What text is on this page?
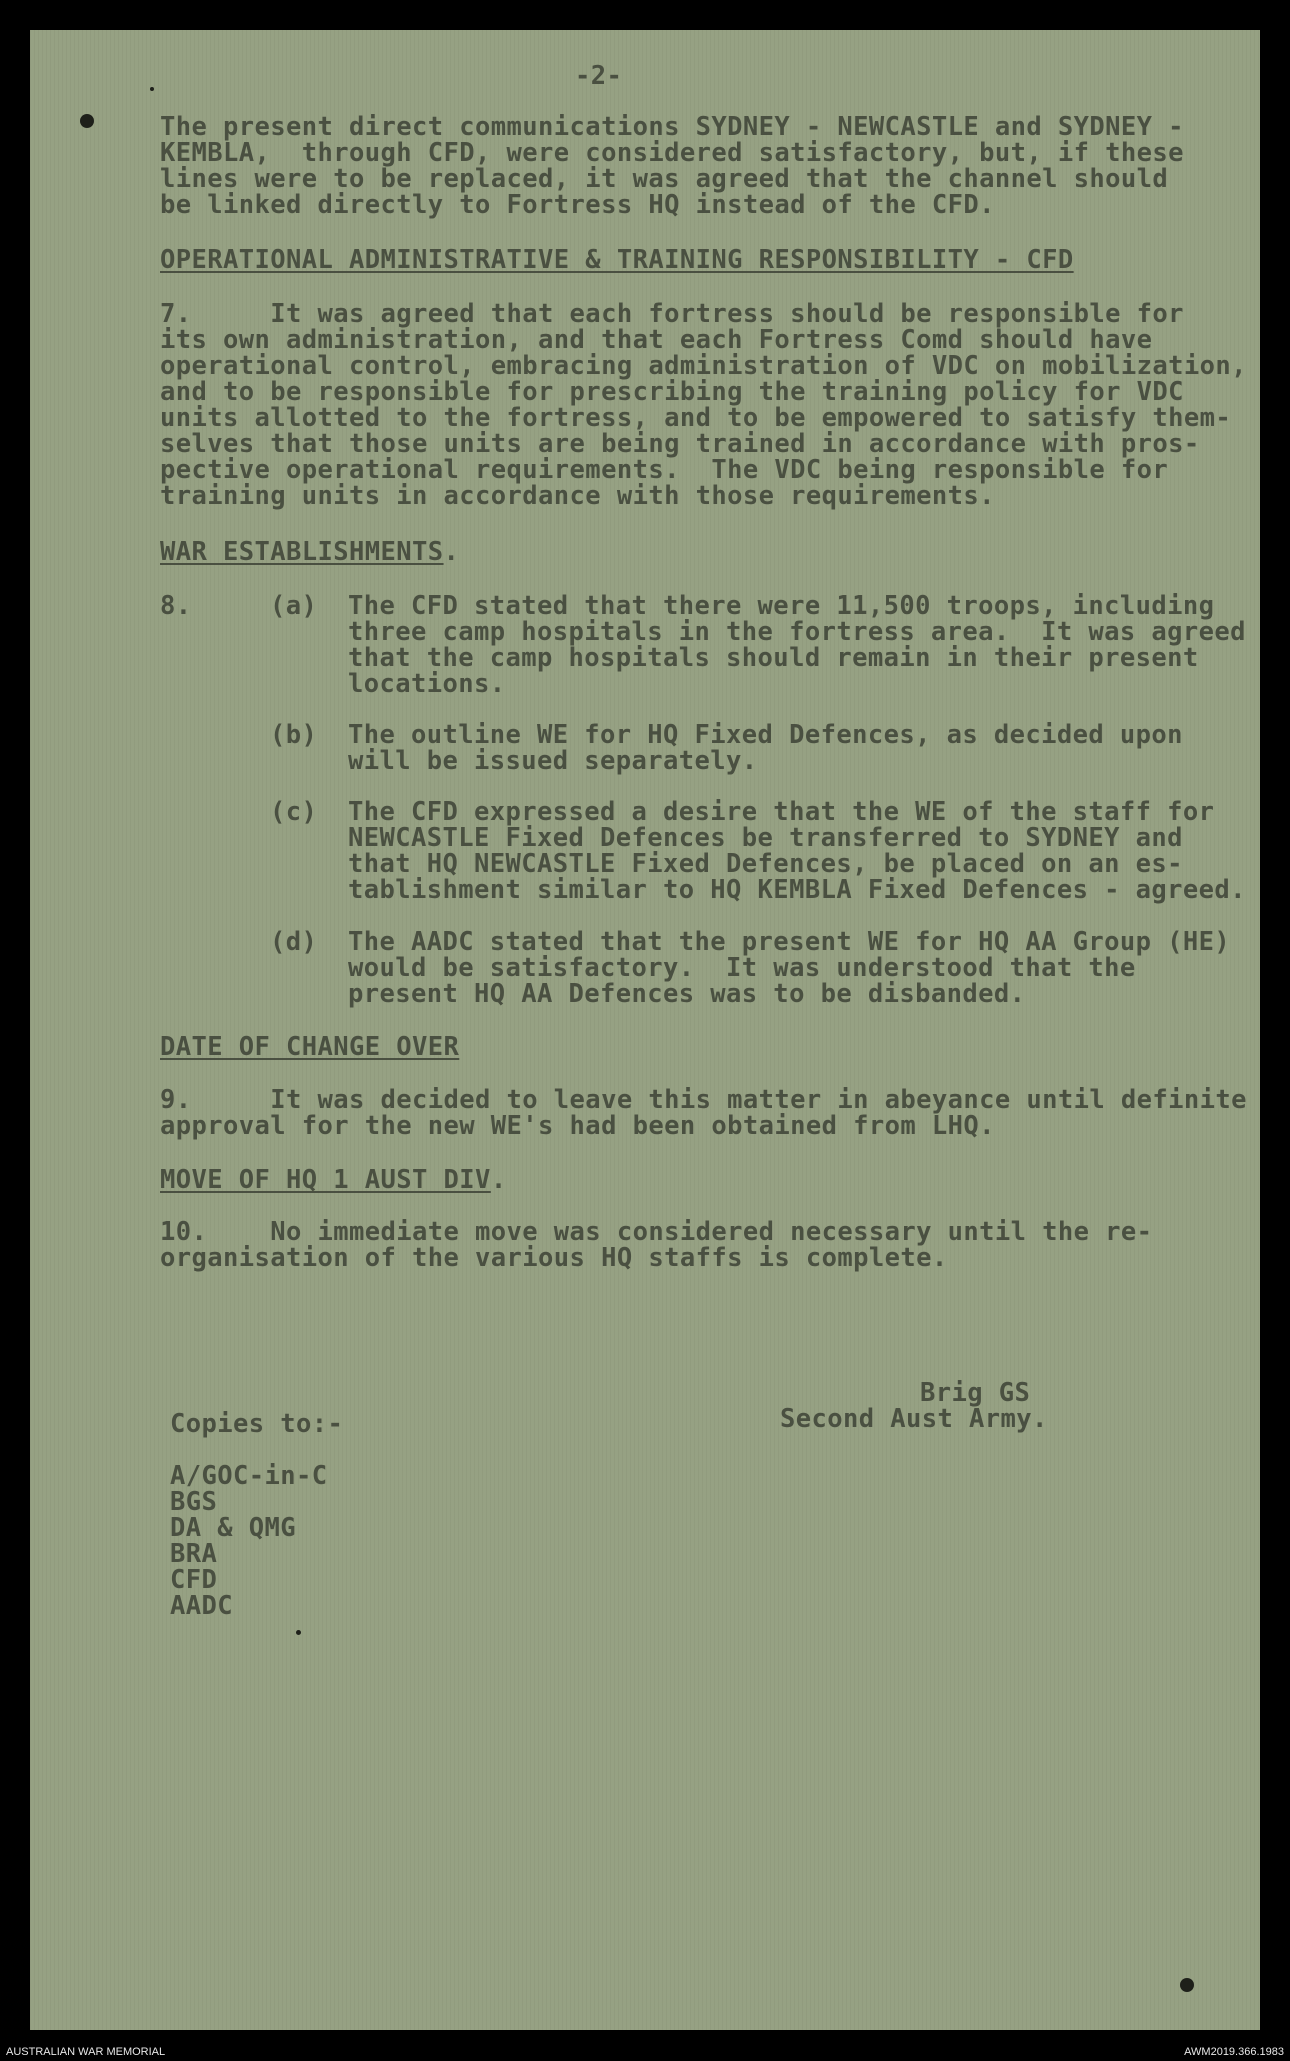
-2-
The present direct communications SYDNEY - NEWCASTLE and SYDNEY -
KEMBLA,  through CFD, were considered satisfactory, but, if these
lines were to be replaced, it was agreed that the channel should
be linked directly to Fortress HQ instead of the CFD.
OPERATIONAL ADMINISTRATIVE & TRAINING RESPONSIBILITY - CFD
7.     It was agreed that each fortress should be responsible for
its own administration, and that each Fortress Comd should have
operational control, embracing administration of VDC on mobilization,
and to be responsible for prescribing the training policy for VDC
units allotted to the fortress, and to be empowered to satisfy them-
selves that those units are being trained in accordance with pros-
pective operational requirements.  The VDC being responsible for
training units in accordance with those requirements.
WAR ESTABLISHMENTS.
8.	(a) The CFD stated that there were 11,500 troops, including
three camp hospitals in the fortress area.  It was agreed
that the camp hospitals should remain in their present
locations.
(b) The outline WE for HQ Fixed Defences, as decided upon
will be issued separately.
(c) The CFD expressed a desire that the WE of the staff for
NEWCASTLE Fixed Defences be transferred to SYDNEY and
that HQ NEWCASTLE Fixed Defences, be placed on an es-
tablishment similar to HQ KEMBLA Fixed Defences - agreed.
(d) The AADC stated that the present WE for HQ AA Group (HE)
would be satisfactory.  It was understood that the
present HQ AA Defences was to be disbanded.
DATE OF CHANGE OVER
9.     It was decided to leave this matter in abeyance until definite
approval for the new WE's had been obtained from LHQ.
MOVE OF HQ 1 AUST DIV.
10.    No immediate move was considered necessary until the re-
organisation of the various HQ staffs is complete.
Brig GS
Second Aust Army.
Copies to:-
A/GOC-in-C
BGS
DA & QMG
BRA
CFD
AADC
AUSTRALIAN WAR MEMORIAL	AWM2019.366.1983
